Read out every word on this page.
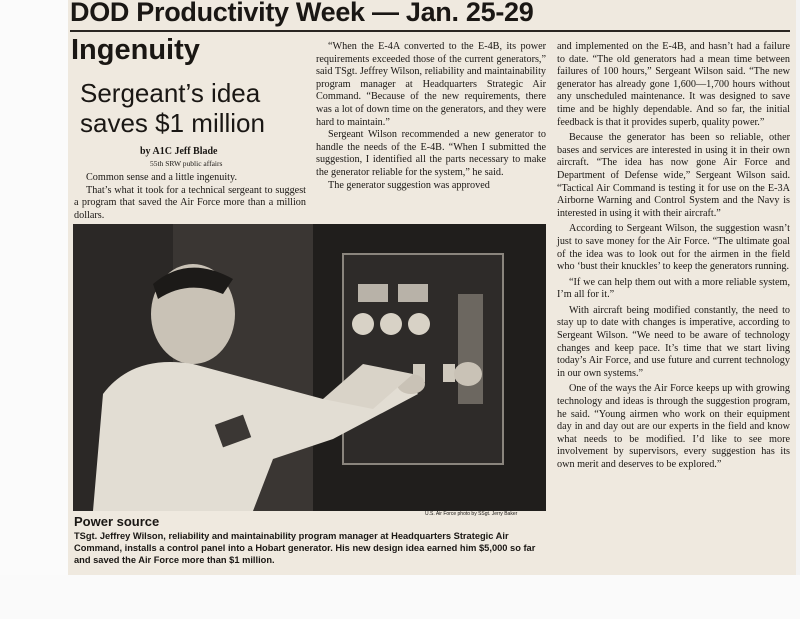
DOD Productivity Week — Jan. 25-29
Ingenuity
Sergeant’s idea
saves $1 million
by A1C Jeff Blade
55th SRW public affairs

Common sense and a little ingenuity.

That’s what it took for a technical sergeant to suggest a program that saved the Air Force more than a million dollars.

“When the E-4A converted to the E-4B, its power requirements exceeded those of the current generators,” said TSgt. Jeffrey Wilson, reliability and maintainability program manager at Headquarters Strategic Air Command. “Because of the new requirements, there was a lot of down time on the generators, and they were hard to maintain.”

Sergeant Wilson recommended a new generator to handle the needs of the E-4B. “When I submitted the suggestion, I identified all the parts necessary to make the generator reliable for the system,” he said.

The generator suggestion was approved

and implemented on the E-4B, and hasn’t had a failure to date. “The old generators had a mean time between failures of 100 hours,” Sergeant Wilson said. “The new generator has already gone 1,600—1,700 hours without any unscheduled maintenance. It was designed to save time and be highly dependable. And so far, the initial feedback is that it provides superb, quality power.”

Because the generator has been so reliable, other bases and services are interested in using it in their own aircraft. “The idea has now gone Air Force and Department of Defense wide,” Sergeant Wilson said. “Tactical Air Command is testing it for use on the E-3A Airborne Warning and Control System and the Navy is interested in using it with their aircraft.”

According to Sergeant Wilson, the suggestion wasn’t just to save money for the Air Force. “The ultimate goal of the idea was to look out for the airmen in the field who ‘bust their knuckles’ to keep the generators running.

“If we can help them out with a more reliable system, I’m all for it.”

With aircraft being modified constantly, the need to stay up to date with changes is imperative, according to Sergeant Wilson. “We need to be aware of technology changes and keep pace. It’s time that we start living today’s Air Force, and use future and current technology in our own systems.”

One of the ways the Air Force keeps up with growing technology and ideas is through the suggestion program, he said. “Young airmen who work on their equipment day in and day out are our experts in the field and know what needs to be modified. I’d like to see more involvement by supervisors, every suggestion has its own merit and deserves to be explored.”

U.S. Air Force photo by SSgt. Jerry Baker
Power source
TSgt. Jeffrey Wilson, reliability and maintainability program manager at Headquarters Strategic Air Command, installs a control panel into a Hobart generator. His new design idea earned him $5,000 so far and saved the Air Force more than $1 million.
